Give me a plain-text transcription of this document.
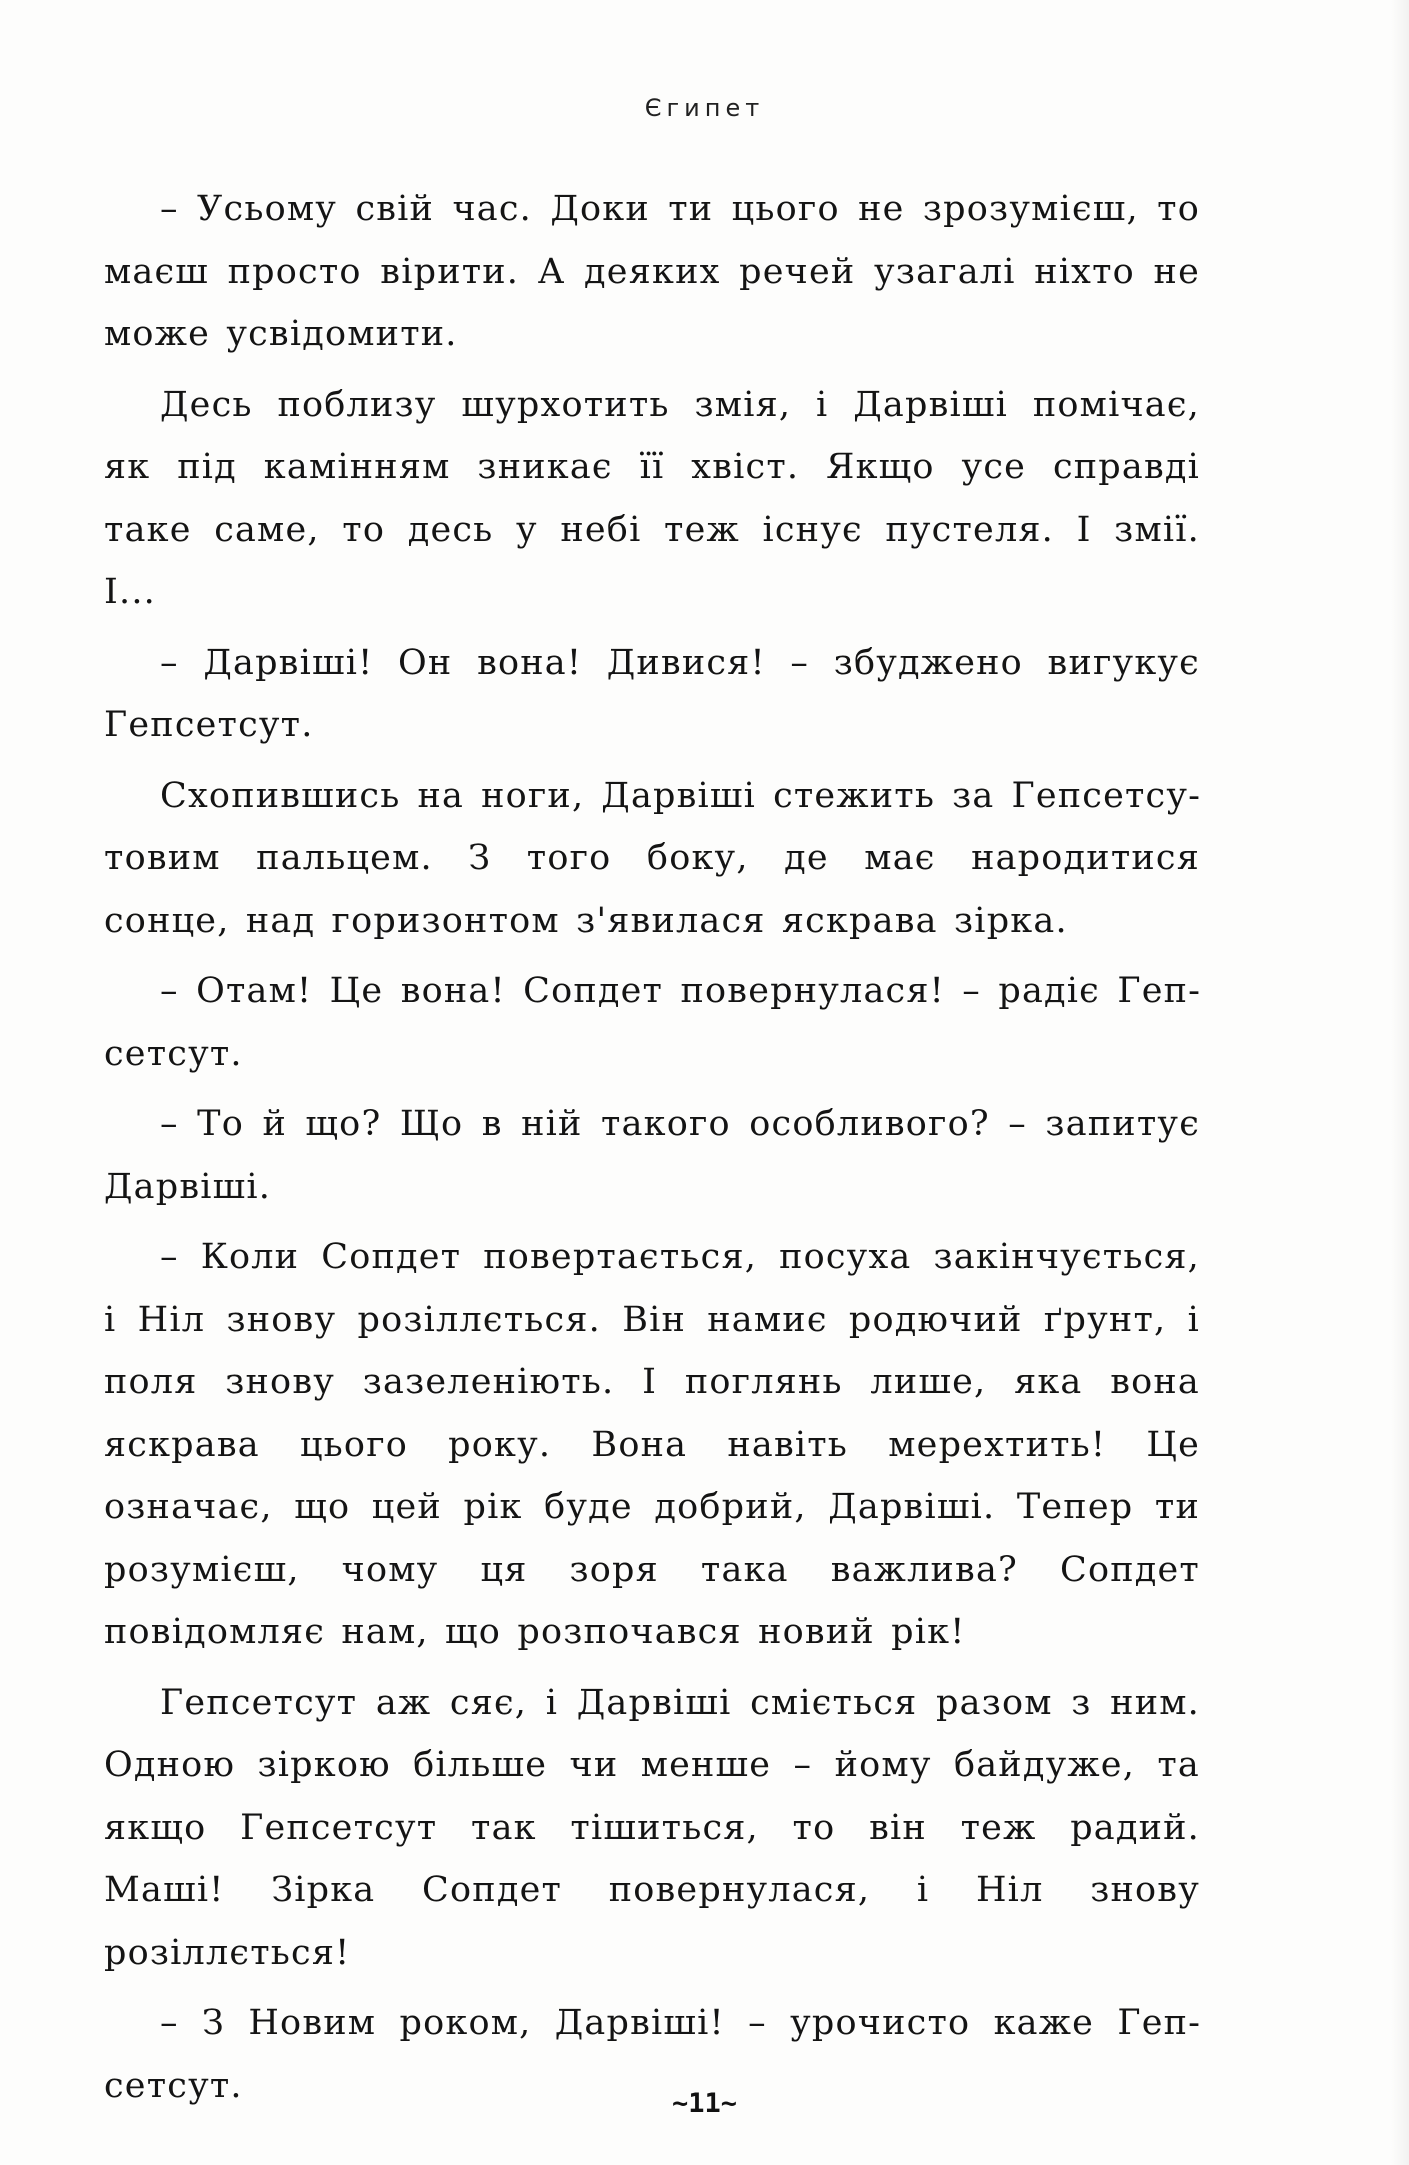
Єгипет

– Усьому свій час. Доки ти цього не зрозумієш, то маєш просто вірити. А деяких речей узагалі ніхто не може усвідомити.

Десь поблизу шурхотить змія, і Дарвіші помічає, як під камінням зникає її хвіст. Якщо усе справді таке саме, то десь у небі теж існує пустеля. І змії. І...

– Дарвіші! Он вона! Дивися! – збуджено вигукує Гепсетсут.

Схопившись на ноги, Дарвіші стежить за Гепсетсутовим пальцем. З того боку, де має народитися сонце, над горизонтом з'явилася яскрава зірка.

– Отам! Це вона! Сопдет повернулася! – радіє Гепсетсут.

– То й що? Що в ній такого особливого? – запитує Дарвіші.

– Коли Сопдет повертається, посуха закінчується, і Ніл знову розіллється. Він намиє родючий ґрунт, і поля знову зазеленіють. І поглянь лише, яка вона яскрава цього року. Вона навіть мерехтить! Це означає, що цей рік буде добрий, Дарвіші. Тепер ти розумієш, чому ця зоря така важлива? Сопдет повідомляє нам, що розпочався новий рік!

Гепсетсут аж сяє, і Дарвіші сміється разом з ним. Одною зіркою більше чи менше – йому байдуже, та якщо Гепсетсут так тішиться, то він теж радий. Маші! Зірка Сопдет повернулася, і Ніл знову розіллється!

– З Новим роком, Дарвіші! – урочисто каже Гепсетсут.	~11~
